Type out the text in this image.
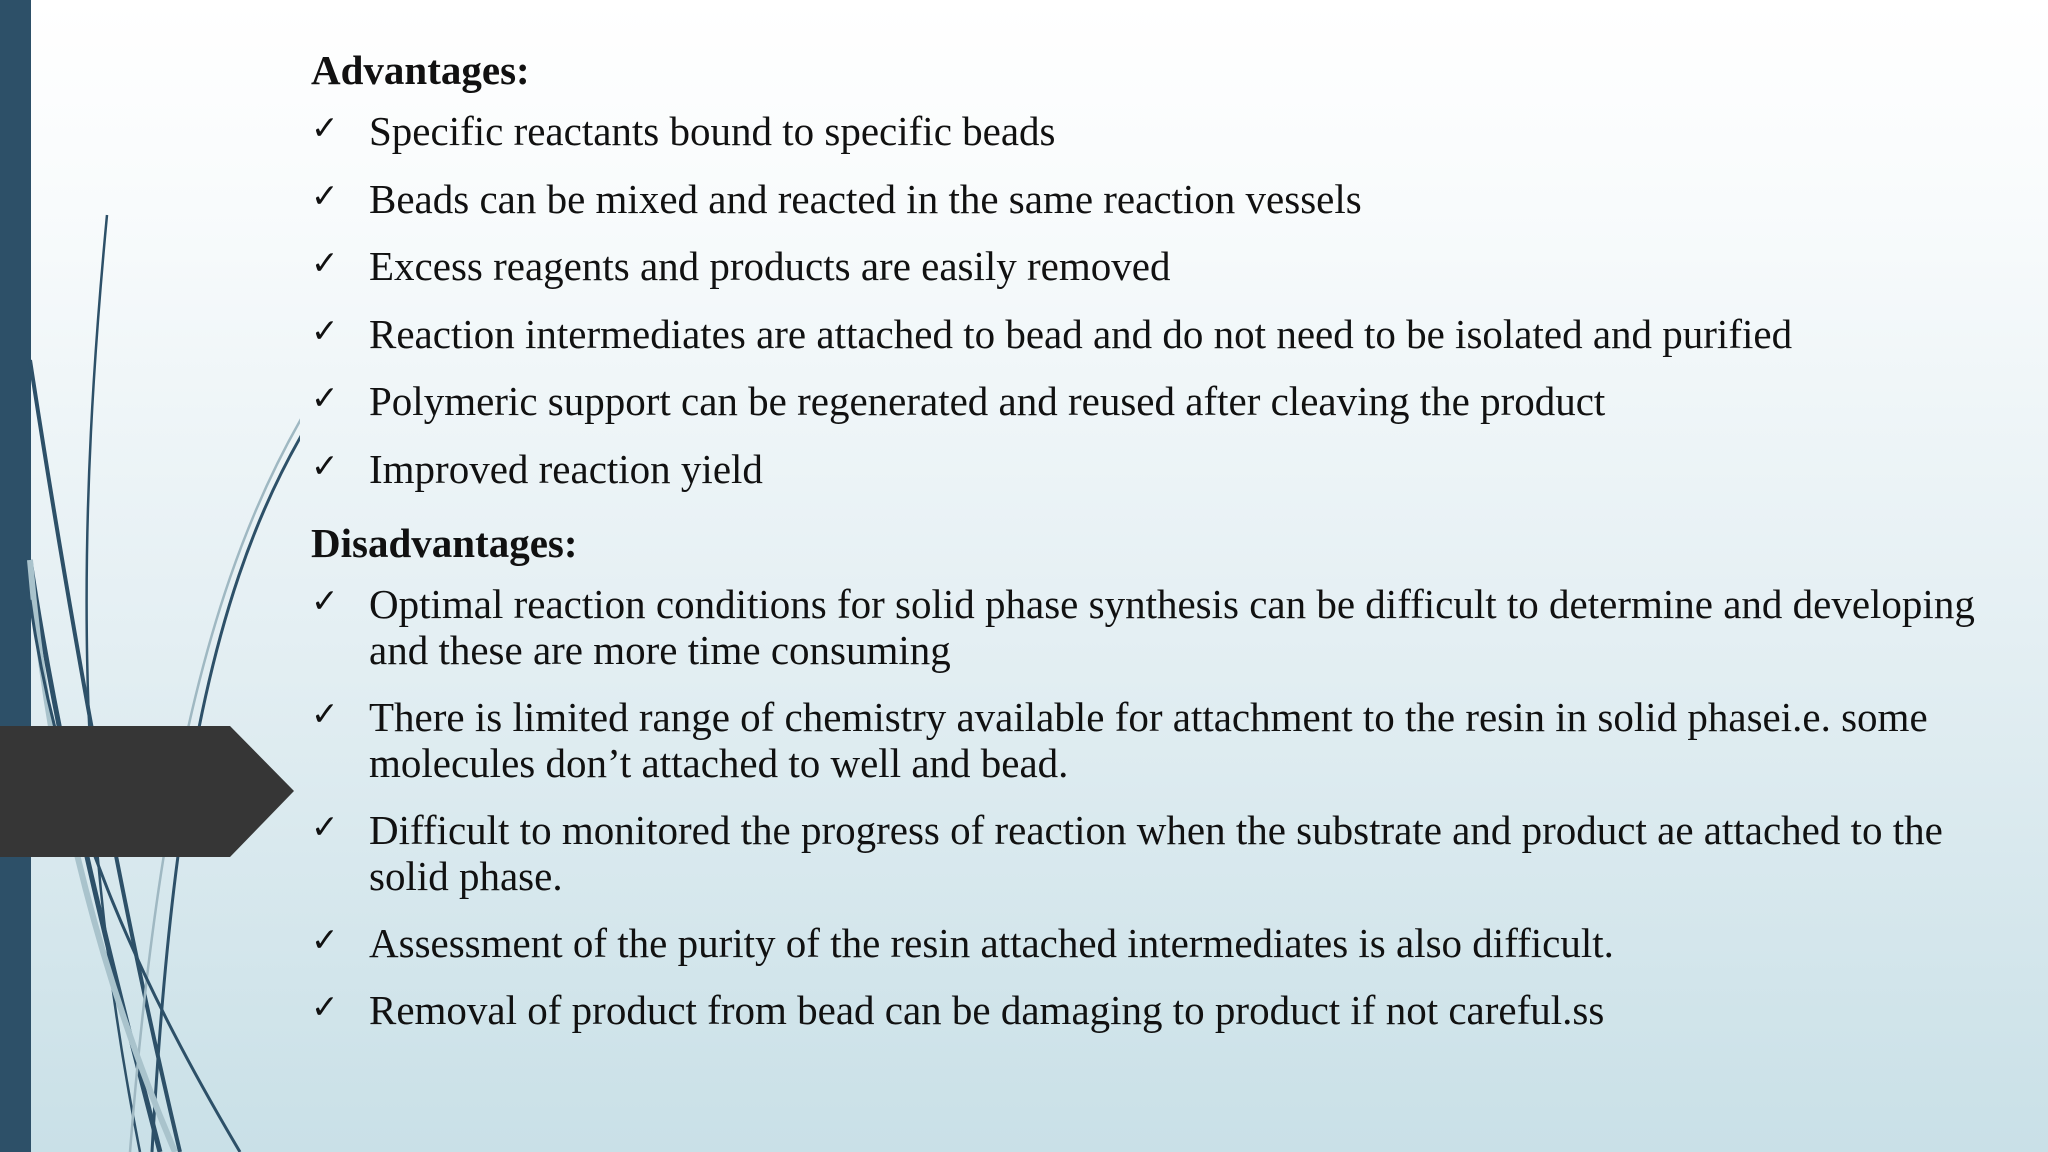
Advantages:
✓ Specific reactants bound to specific beads
✓ Beads can be mixed and reacted in the same reaction vessels
✓ Excess reagents and products are easily removed
✓ Reaction intermediates are attached to bead and do not need to be isolated and purified
✓ Polymeric support can be regenerated and reused after cleaving the product
✓ Improved reaction yield
Disadvantages:
✓ Optimal reaction conditions for solid phase synthesis can be difficult to determine and developing and these are more time consuming
✓ There is limited range of chemistry available for attachment to the resin in solid phasei.e. some molecules don’t attached to well and bead.
✓ Difficult to monitored the progress of reaction when the substrate and product ae attached to the solid phase.
✓ Assessment of the purity of the resin attached intermediates is also difficult.
✓ Removal of product from bead can be damaging to product if not careful.ss
